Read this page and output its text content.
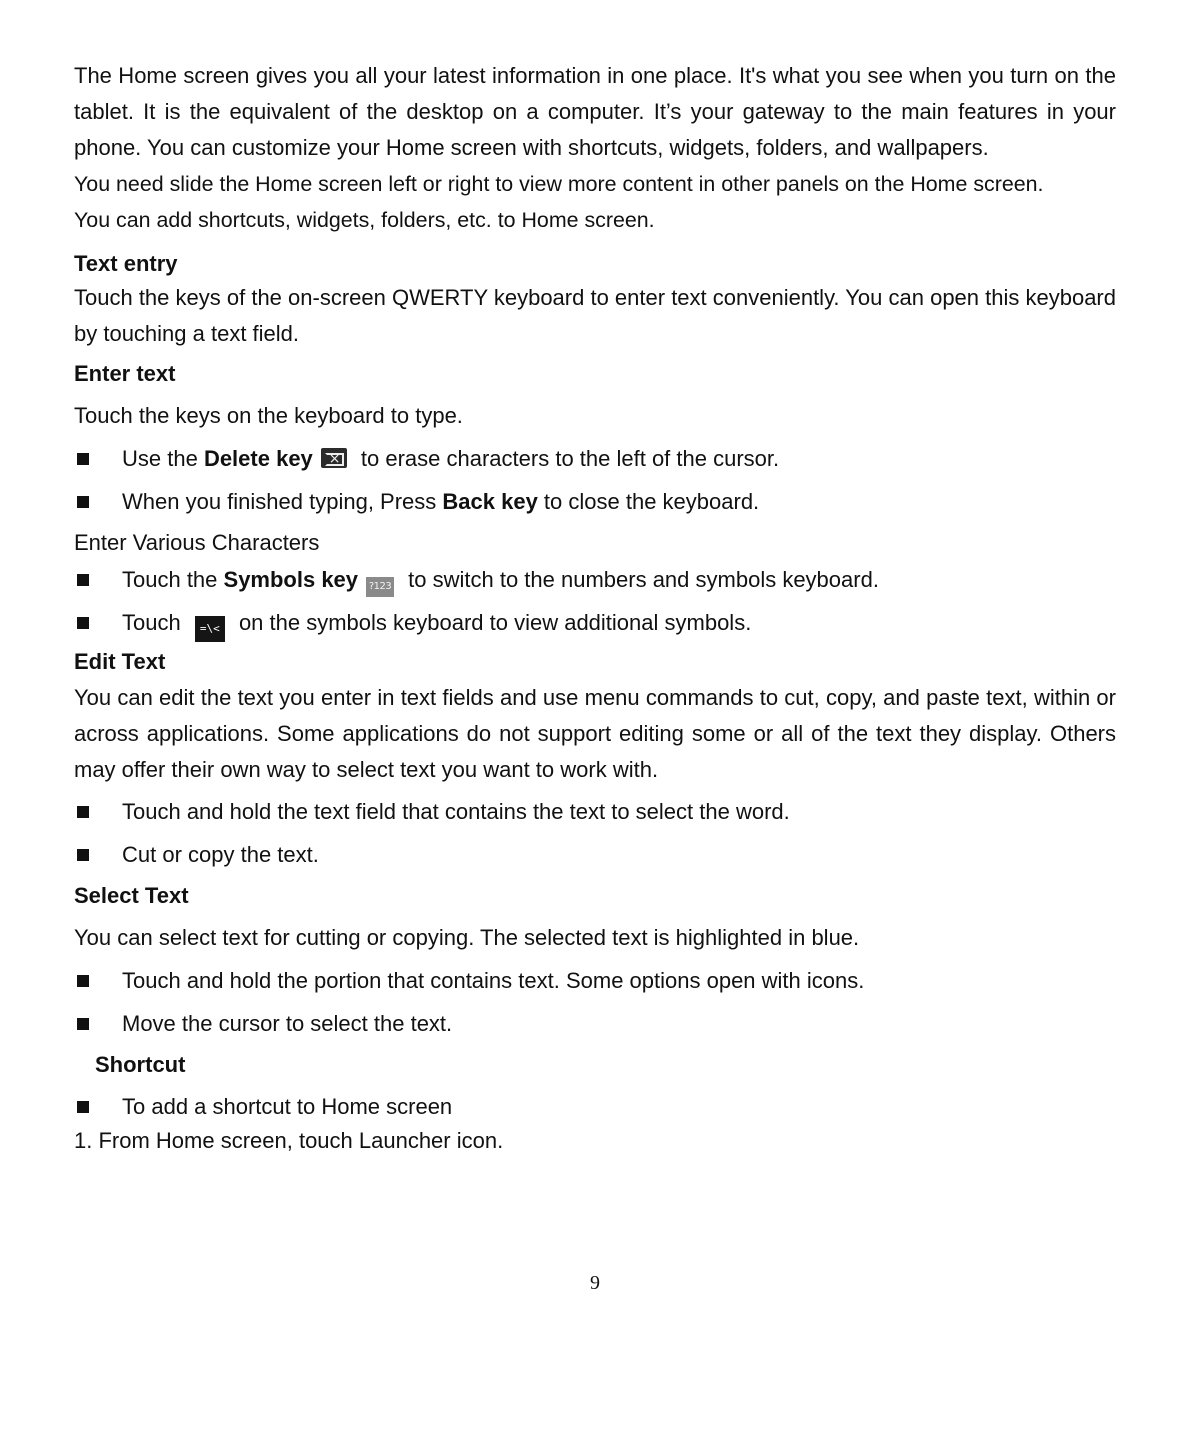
The Home screen gives you all your latest information in one place. It's what you see when you turn on the tablet. It is the equivalent of the desktop on a computer. It’s your gateway to the main features in your phone. You can customize your Home screen with shortcuts, widgets, folders, and wallpapers.

You need slide the Home screen left or right to view more content in other panels on the Home screen.

You can add shortcuts, widgets, folders, etc. to Home screen.

Text entry

Touch the keys of the on-screen QWERTY keyboard to enter text conveniently. You can open this keyboard by touching a text field.

Enter text

Touch the keys on the keyboard to type.

Use the Delete key× to erase characters to the left of the cursor.
When you finished typing, Press Back key to close the keyboard.

Enter Various Characters

Touch the Symbols key ?123 to switch to the numbers and symbols keyboard.
Touch =\< on the symbols keyboard to view additional symbols.

Edit Text

You can edit the text you enter in text fields and use menu commands to cut, copy, and paste text, within or across applications. Some applications do not support editing some or all of the text they display. Others may offer their own way to select text you want to work with.

Touch and hold the text field that contains the text to select the word.
Cut or copy the text.

Select Text

You can select text for cutting or copying. The selected text is highlighted in blue.

Touch and hold the portion that contains text. Some options open with icons.
Move the cursor to select the text.

Shortcut

To add a shortcut to Home screen

1. From Home screen, touch Launcher icon.

9
